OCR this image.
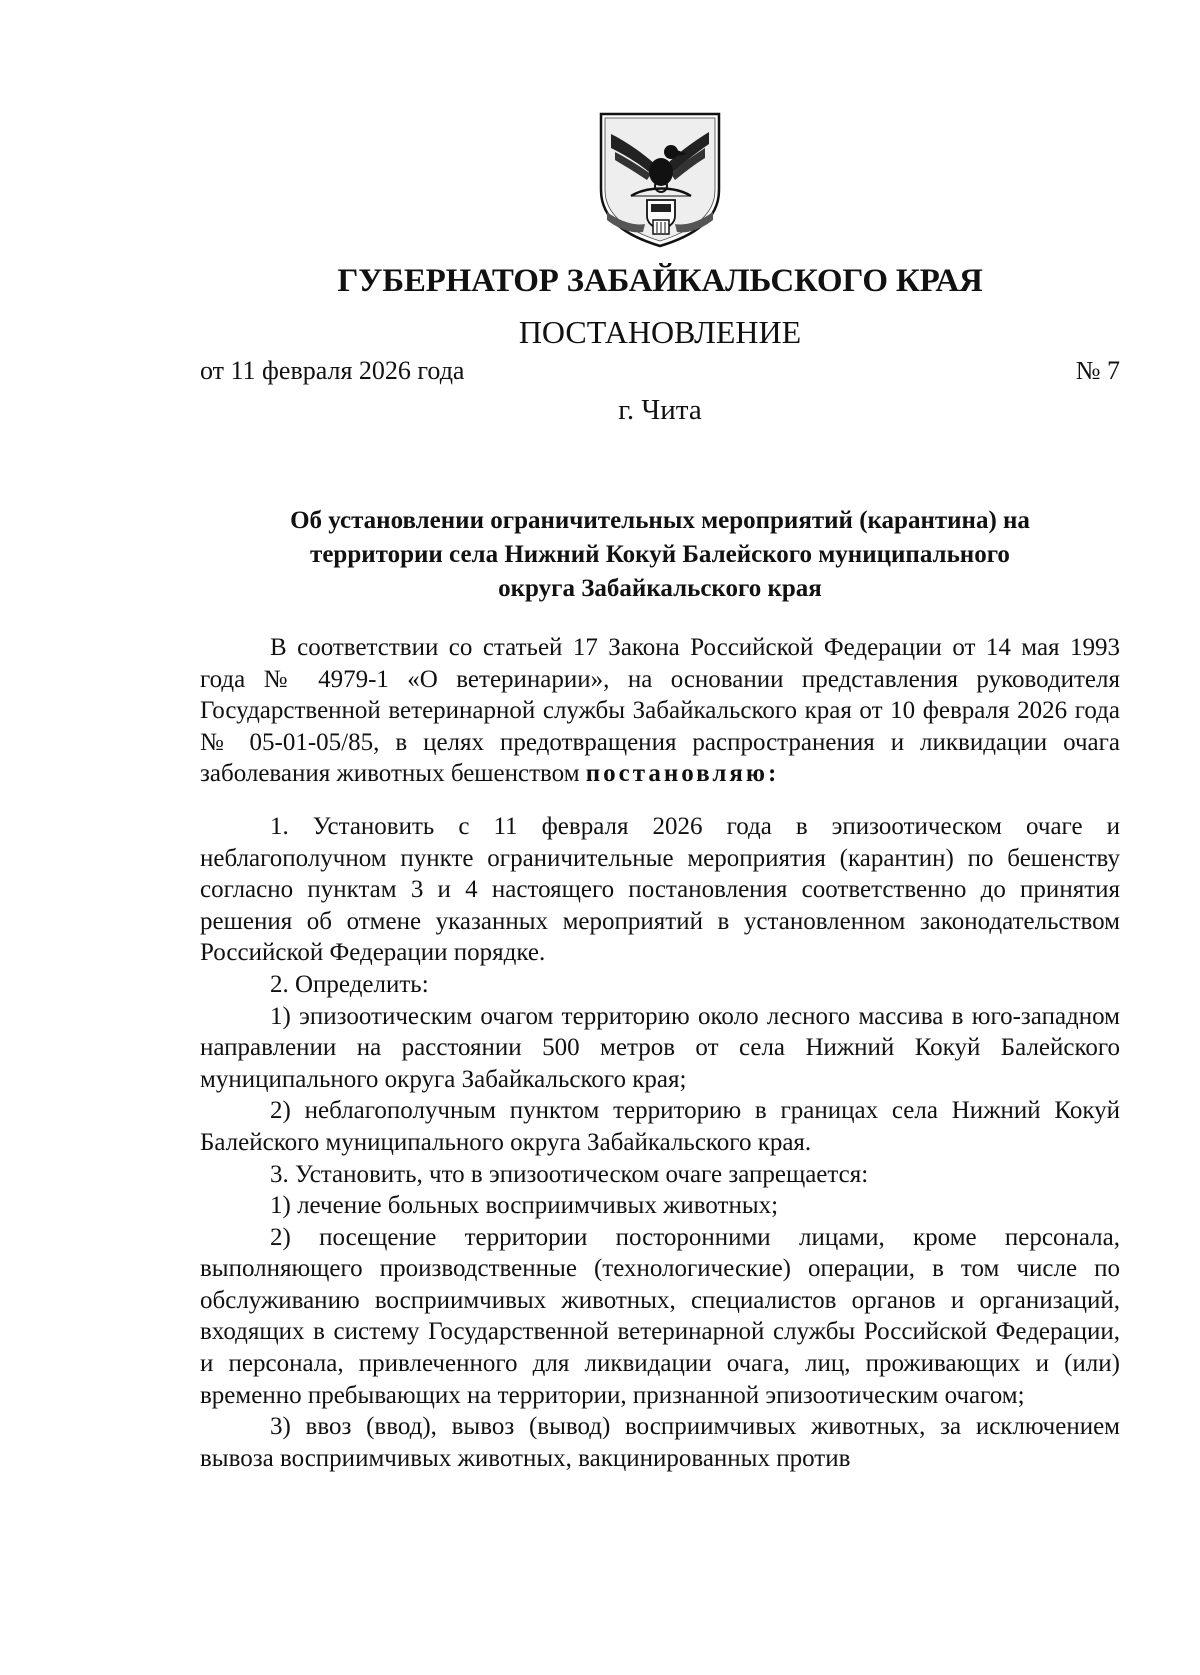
ГУБЕРНАТОР ЗАБАЙКАЛЬСКОГО КРАЯ
ПОСТАНОВЛЕНИЕ
от 11 февраля 2026 года	№ 7
г. Чита
Об установлении ограничительных мероприятий (карантина) на
территории села Нижний Кокуй Балейского муниципального
округа Забайкальского края

В соответствии со статьей 17 Закона Российской Федерации от 14 мая 1993 года № 4979-1 «О ветеринарии», на основании представления руководителя Государственной ветеринарной службы Забайкальского края от 10 февраля 2026 года № 05-01-05/85, в целях предотвращения распространения и ликвидации очага заболевания животных бешенством постановляю:

1. Установить с 11 февраля 2026 года в эпизоотическом очаге и неблагополучном пункте ограничительные мероприятия (карантин) по бешенству согласно пунктам 3 и 4 настоящего постановления соответственно до принятия решения об отмене указанных мероприятий в установленном законодательством Российской Федерации порядке.

2. Определить:

1) эпизоотическим очагом территорию около лесного массива в юго-западном направлении на расстоянии 500 метров от села Нижний Кокуй Балейского муниципального округа Забайкальского края;

2) неблагополучным пунктом территорию в границах села Нижний Кокуй Балейского муниципального округа Забайкальского края.

3. Установить, что в эпизоотическом очаге запрещается:

1) лечение больных восприимчивых животных;

2) посещение территории посторонними лицами, кроме персонала, выполняющего производственные (технологические) операции, в том числе по обслуживанию восприимчивых животных, специалистов органов и организаций, входящих в систему Государственной ветеринарной службы Российской Федерации, и персонала, привлеченного для ликвидации очага, лиц, проживающих и (или) временно пребывающих на территории, признанной эпизоотическим очагом;

3) ввоз (ввод), вывоз (вывод) восприимчивых животных, за исключением вывоза восприимчивых животных, вакцинированных против
